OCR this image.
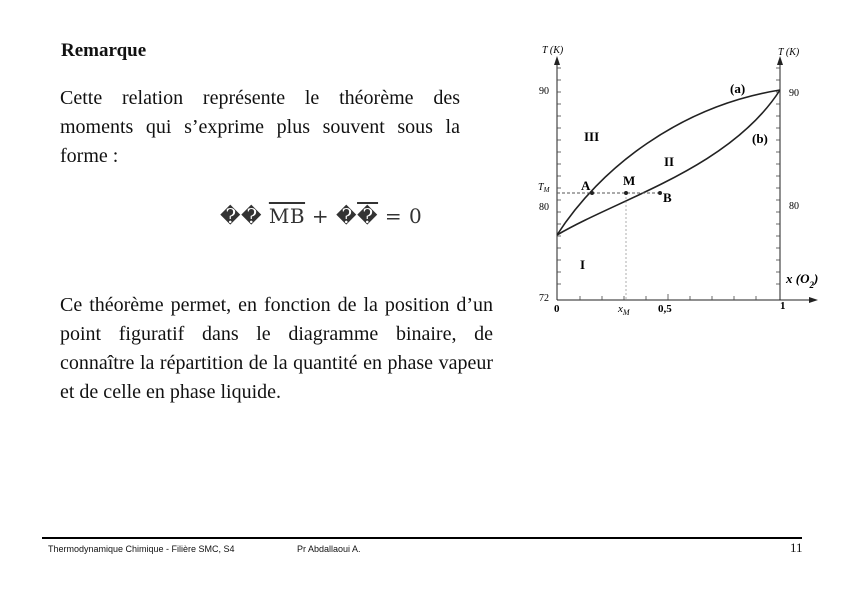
Remarque
Cette relation représente le théorème des moments qui s’exprime plus souvent sous la forme :
�� $\overline{MB}$ + �� = 0
Ce théorème permet, en fonction de la position d’un point figuratif dans le diagramme binaire, de connaître la répartition de la quantité en phase vapeur et de celle en phase liquide.
T (K)	T (K)
x $(O_2)$
90
$T_M$
80
72
90
80
0	$x_M$	0,5	1
(a)
(b)
III
II
I
A	M
B
Thermodynamique Chimique - Filière SMC, S4	Pr Abdallaoui A.	11
